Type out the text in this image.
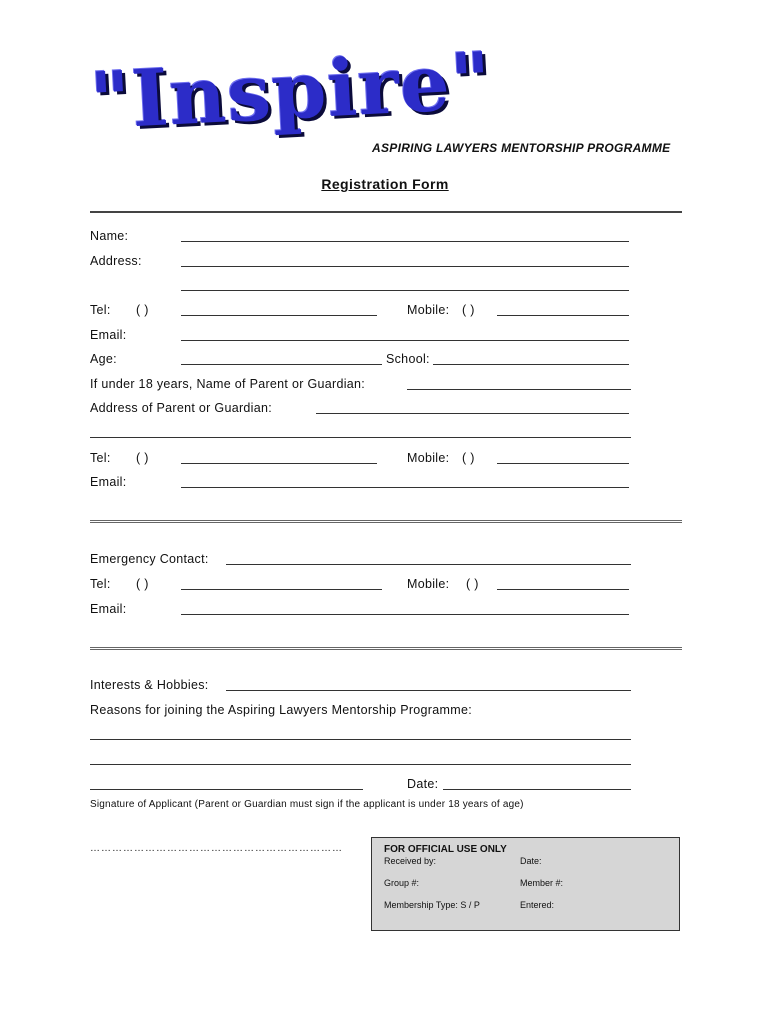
"Inspire"
ASPIRING LAWYERS MENTORSHIP PROGRAMME
Registration Form
Name:
Address:
Tel: ( )	Mobile: ( )
Email:
Age:	School:
If under 18 years, Name of Parent or Guardian:
Address of Parent or Guardian:
Tel: ( )	Mobile: ( )
Email:
Emergency Contact:
Tel: ( )	Mobile: ( )
Email:
Interests & Hobbies:
Reasons for joining the Aspiring Lawyers Mentorship Programme:
Date:
Signature of Applicant (Parent or Guardian must sign if the applicant is under 18 years of age)
……………………………………………………………	FOR OFFICIAL USE ONLY
Received by:	Date:
Group #:	Member #:
Membership Type: S / P	Entered:
